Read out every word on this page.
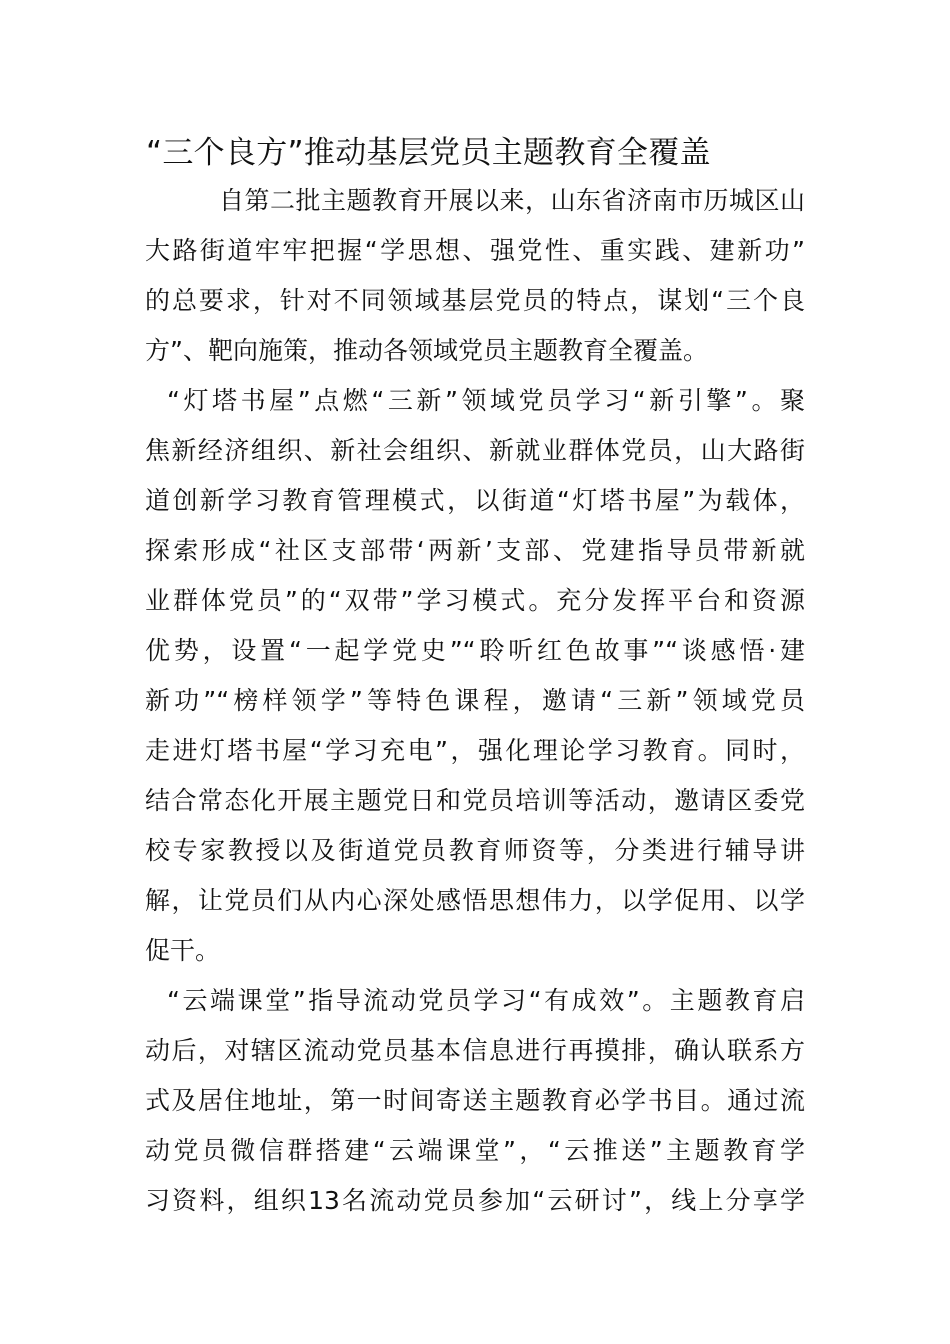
“三个良方”推动基层党员主题教育全覆盖
自第二批主题教育开展以来，山东省济南市历城区山
大路街道牢牢把握“学思想、强党性、重实践、建新功”
的总要求，针对不同领域基层党员的特点，谋划“三个良
方”、靶向施策，推动各领域党员主题教育全覆盖。
“灯塔书屋”点燃“三新”领域党员学习“新引擎”。聚
焦新经济组织、新社会组织、新就业群体党员，山大路街
道创新学习教育管理模式，以街道“灯塔书屋”为载体，
探索形成“社区支部带‘两新’支部、党建指导员带新就
业群体党员”的“双带”学习模式。充分发挥平台和资源
优势，设置“一起学党史”“聆听红色故事”“谈感悟·建
新功”“榜样领学”等特色课程，邀请“三新”领域党员
走进灯塔书屋“学习充电”，强化理论学习教育。同时，
结合常态化开展主题党日和党员培训等活动，邀请区委党
校专家教授以及街道党员教育师资等，分类进行辅导讲
解，让党员们从内心深处感悟思想伟力，以学促用、以学
促干。
“云端课堂”指导流动党员学习“有成效”。主题教育启
动后，对辖区流动党员基本信息进行再摸排，确认联系方
式及居住地址，第一时间寄送主题教育必学书目。通过流
动党员微信群搭建“云端课堂”，“云推送”主题教育学
习资料，组织13名流动党员参加“云研讨”，线上分享学
